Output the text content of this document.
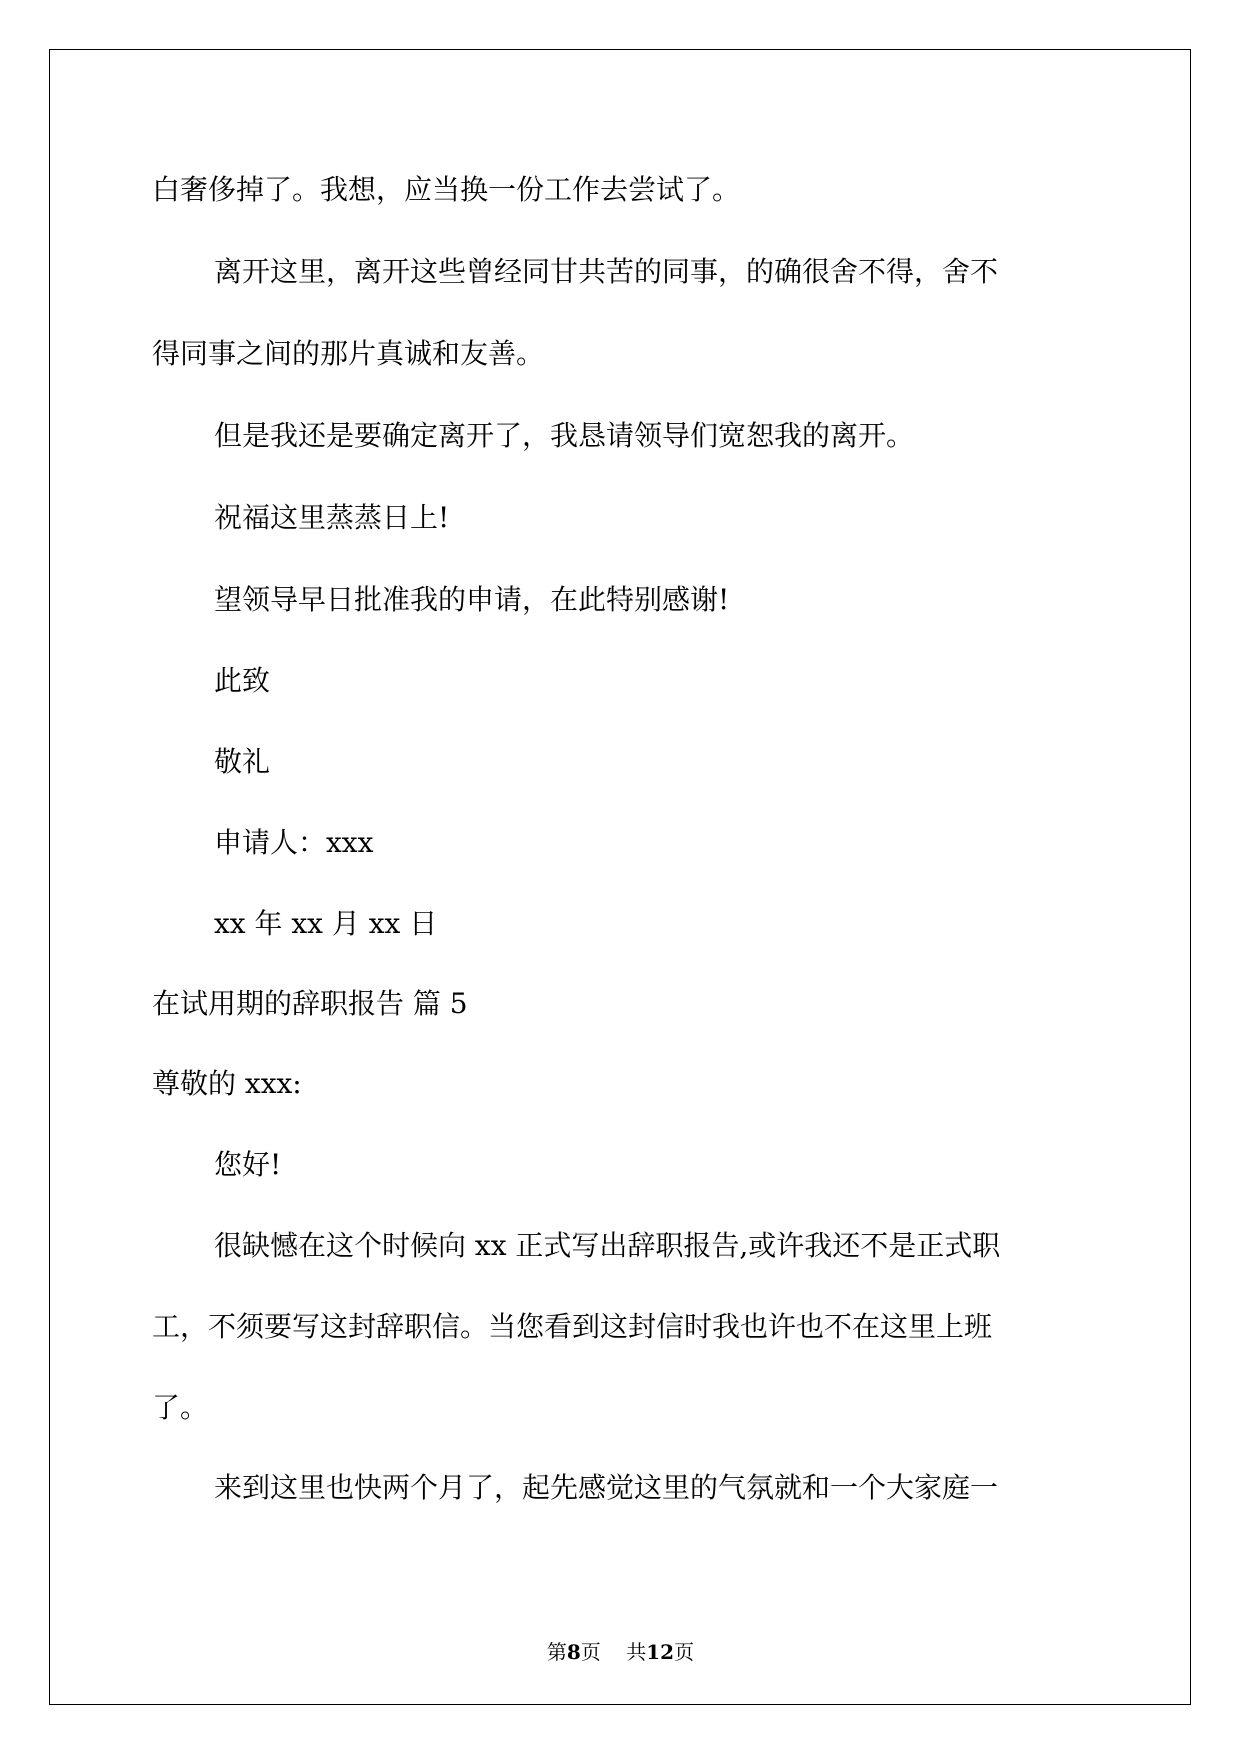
白奢侈掉了。我想，应当换一份工作去尝试了。
离开这里，离开这些曾经同甘共苦的同事，的确很舍不得，舍不
得同事之间的那片真诚和友善。
但是我还是要确定离开了，我恳请领导们宽恕我的离开。
祝福这里蒸蒸日上!
望领导早日批准我的申请，在此特别感谢!
此致
敬礼
申请人：xxx
xx 年 xx 月 xx 日
在试用期的辞职报告 篇 5
尊敬的 xxx:
您好!
很缺憾在这个时候向 xx 正式写出辞职报告,或许我还不是正式职
工，不须要写这封辞职信。当您看到这封信时我也许也不在这里上班
了。
来到这里也快两个月了，起先感觉这里的气氛就和一个大家庭一
第8页 共12页
